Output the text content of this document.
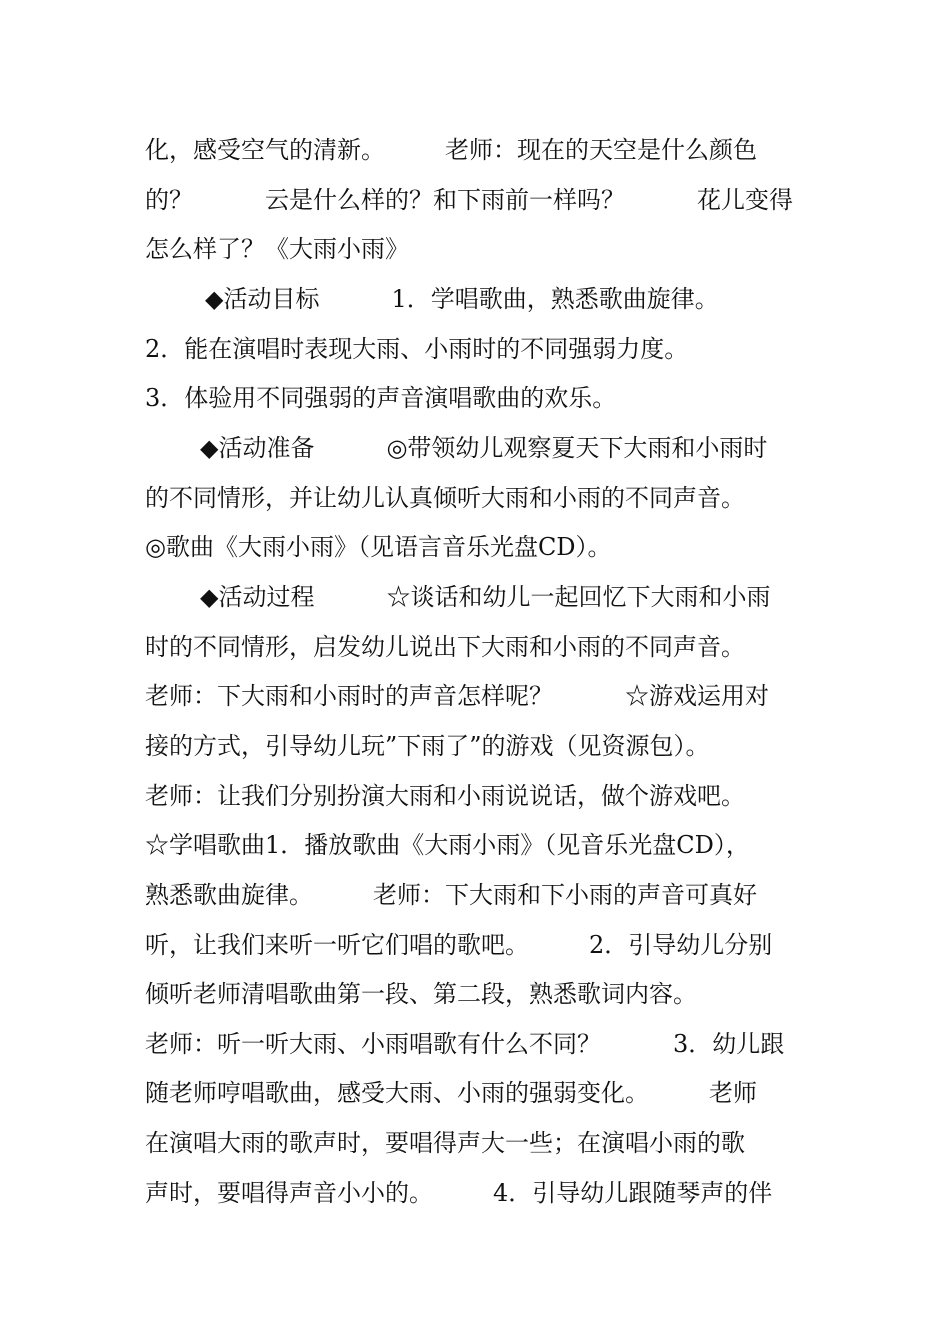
化，感受空气的清新。　　　老师：现在的天空是什么颜色
的？　　　云是什么样的？和下雨前一样吗？　　　花儿变得
怎么样了？《大雨小雨》
◆活动目标　　　1．学唱歌曲，熟悉歌曲旋律。
2．能在演唱时表现大雨、小雨时的不同强弱力度。
3．体验用不同强弱的声音演唱歌曲的欢乐。
◆活动准备　　　◎带领幼儿观察夏天下大雨和小雨时
的不同情形，并让幼儿认真倾听大雨和小雨的不同声音。
◎歌曲《大雨小雨》（见语言音乐光盘CD）。
◆活动过程　　　☆谈话和幼儿一起回忆下大雨和小雨
时的不同情形，启发幼儿说出下大雨和小雨的不同声音。
老师：下大雨和小雨时的声音怎样呢？　　　☆游戏运用对
接的方式，引导幼儿玩”下雨了”的游戏（见资源包）。
老师：让我们分别扮演大雨和小雨说说话，做个游戏吧。
☆学唱歌曲1．播放歌曲《大雨小雨》（见音乐光盘CD），
熟悉歌曲旋律。　　　老师：下大雨和下小雨的声音可真好
听，让我们来听一听它们唱的歌吧。　　　2．引导幼儿分别
倾听老师清唱歌曲第一段、第二段，熟悉歌词内容。
老师：听一听大雨、小雨唱歌有什么不同？　　　3．幼儿跟
随老师哼唱歌曲，感受大雨、小雨的强弱变化。　　　老师
在演唱大雨的歌声时，要唱得声大一些；在演唱小雨的歌
声时，要唱得声音小小的。　　　4．引导幼儿跟随琴声的伴
